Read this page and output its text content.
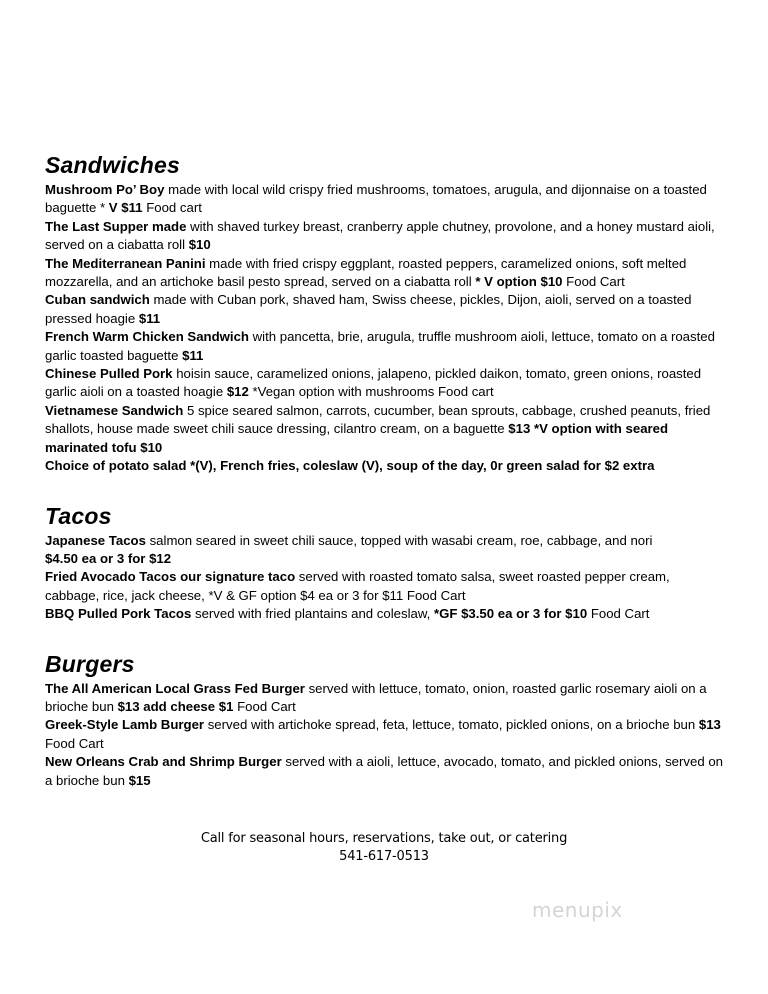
Sandwiches

Mushroom Po’ Boy made with local wild crispy fried mushrooms, tomatoes, arugula, and dijonnaise on a toasted baguette * V $11 Food cart

The Last Supper made with shaved turkey breast, cranberry apple chutney, provolone, and a honey mustard aioli, served on a ciabatta roll $10

The Mediterranean Panini made with fried crispy eggplant, roasted peppers, caramelized onions, soft melted mozzarella, and an artichoke basil pesto spread, served on a ciabatta roll * V option $10 Food Cart

Cuban sandwich made with Cuban pork, shaved ham, Swiss cheese, pickles, Dijon, aioli, served on a toasted pressed hoagie $11

French Warm Chicken Sandwich with pancetta, brie, arugula, truffle mushroom aioli, lettuce, tomato on a roasted garlic toasted baguette $11

Chinese Pulled Pork hoisin sauce, caramelized onions, jalapeno, pickled daikon, tomato, green onions, roasted garlic aioli on a toasted hoagie $12 *Vegan option with mushrooms Food cart

Vietnamese Sandwich 5 spice seared salmon, carrots, cucumber, bean sprouts, cabbage, crushed peanuts, fried shallots, house made sweet chili sauce dressing, cilantro cream, on a baguette $13 *V option with seared marinated tofu $10

Choice of potato salad *(V), French fries, coleslaw (V), soup of the day, 0r green salad for $2 extra

Tacos

Japanese Tacos salmon seared in sweet chili sauce, topped with wasabi cream, roe, cabbage, and nori
$4.50 ea or 3 for $12

Fried Avocado Tacos our signature taco served with roasted tomato salsa, sweet roasted pepper cream, cabbage, rice, jack cheese, *V & GF option $4 ea or 3 for $11 Food Cart

BBQ Pulled Pork Tacos served with fried plantains and coleslaw, *GF $3.50 ea or 3 for $10 Food Cart

Burgers

The All American Local Grass Fed Burger served with lettuce, tomato, onion, roasted garlic rosemary aioli on a brioche bun $13 add cheese $1 Food Cart

Greek-Style Lamb Burger served with artichoke spread, feta, lettuce, tomato, pickled onions, on a brioche bun $13 Food Cart

New Orleans Crab and Shrimp Burger served with a aioli, lettuce, avocado, tomato, and pickled onions, served on a brioche bun $15

Call for seasonal hours, reservations, take out, or catering
541-617-0513
menupix
